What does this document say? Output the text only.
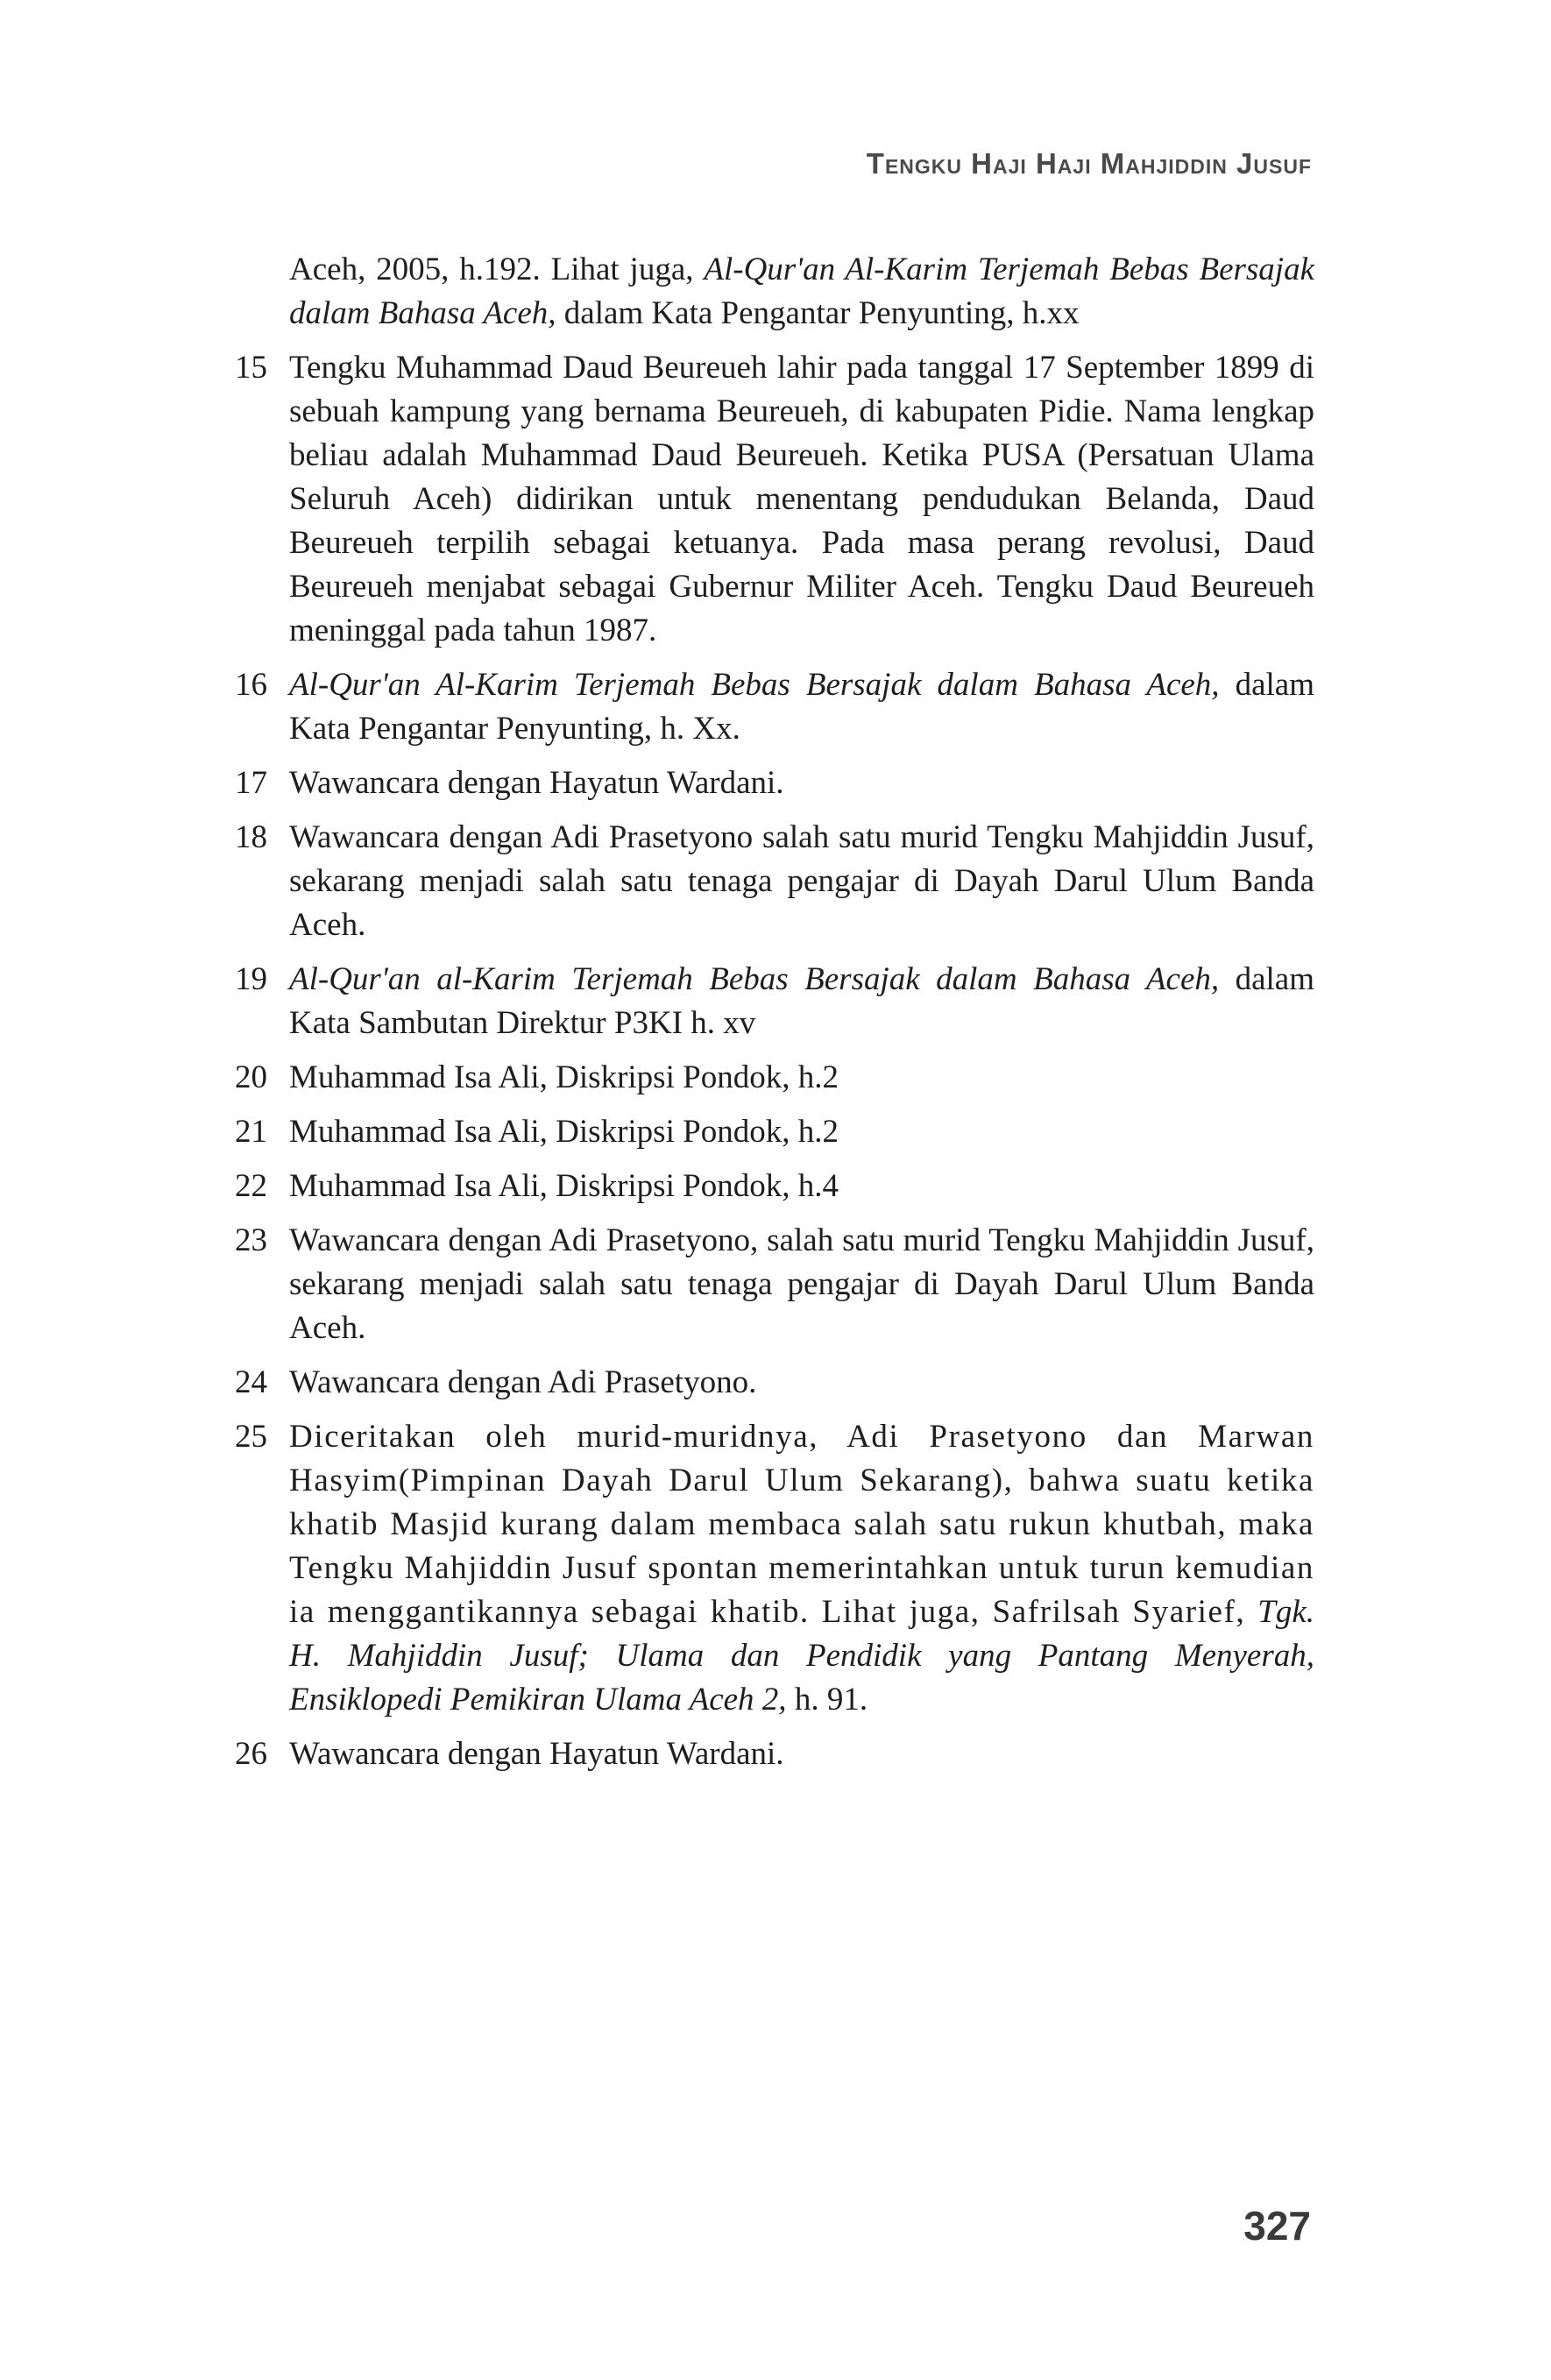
Tengku Haji Haji Mahjiddin Jusuf
Aceh, 2005, h.192. Lihat juga, Al-Qur'an Al-Karim Terjemah Bebas Bersajak dalam Bahasa Aceh, dalam Kata Pengantar Penyunting, h.xx
15 Tengku Muhammad Daud Beureueh lahir pada tanggal 17 September 1899 di sebuah kampung yang bernama Beureueh, di kabupaten Pidie. Nama lengkap beliau adalah Muhammad Daud Beureueh. Ketika PUSA (Persatuan Ulama Seluruh Aceh) didirikan untuk menentang pendudukan Belanda, Daud Beureueh terpilih sebagai ketuanya. Pada masa perang revolusi, Daud Beureueh menjabat sebagai Gubernur Militer Aceh. Tengku Daud Beureueh meninggal pada tahun 1987.
16 Al-Qur'an Al-Karim Terjemah Bebas Bersajak dalam Bahasa Aceh, dalam Kata Pengantar Penyunting, h. Xx.
17 Wawancara dengan Hayatun Wardani.
18 Wawancara dengan Adi Prasetyono salah satu murid Tengku Mahjiddin Jusuf, sekarang menjadi salah satu tenaga pengajar di Dayah Darul Ulum Banda Aceh.
19 Al-Qur'an al-Karim Terjemah Bebas Bersajak dalam Bahasa Aceh, dalam Kata Sambutan Direktur P3KI h. xv
20 Muhammad Isa Ali, Diskripsi Pondok, h.2
21 Muhammad Isa Ali, Diskripsi Pondok, h.2
22 Muhammad Isa Ali, Diskripsi Pondok, h.4
23 Wawancara dengan Adi Prasetyono, salah satu murid Tengku Mahjiddin Jusuf, sekarang menjadi salah satu tenaga pengajar di Dayah Darul Ulum Banda Aceh.
24 Wawancara dengan Adi Prasetyono.
25 Diceritakan oleh murid-muridnya, Adi Prasetyono dan Marwan Hasyim(Pimpinan Dayah Darul Ulum Sekarang), bahwa suatu ketika khatib Masjid kurang dalam membaca salah satu rukun khutbah, maka Tengku Mahjiddin Jusuf spontan memerintahkan untuk turun kemudian ia menggantikannya sebagai khatib. Lihat juga, Safrilsah Syarief, Tgk. H. Mahjiddin Jusuf; Ulama dan Pendidik yang Pantang Menyerah, Ensiklopedi Pemikiran Ulama Aceh 2, h. 91.
26 Wawancara dengan Hayatun Wardani.
327
